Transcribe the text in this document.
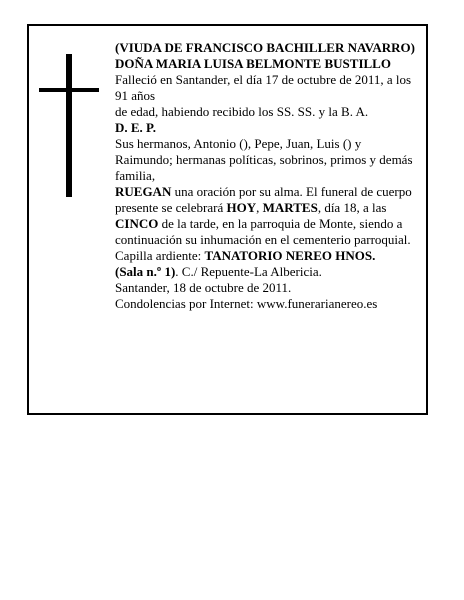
(VIUDA DE FRANCISCO BACHILLER NAVARRO)

DOÑA MARIA LUISA BELMONTE BUSTILLO

Falleció en Santander, el día 17 de octubre de 2011, a los 91 años

de edad, habiendo recibido los SS. SS. y la B. A.

D. E. P.

Sus hermanos, Antonio (), Pepe, Juan, Luis () y Raimundo; hermanas políticas, sobrinos, primos y demás familia,

RUEGAN una oración por su alma. El funeral de cuerpo presente se celebrará HOY, MARTES, día 18, a las CINCO de la tarde, en la parroquia de Monte, siendo a continuación su inhumación en el cementerio parroquial.

Capilla ardiente: TANATORIO NEREO HNOS.

(Sala n.º 1). C./ Repuente-La Albericia.

Santander, 18 de octubre de 2011.

Condolencias por Internet: www.funerarianereo.es
